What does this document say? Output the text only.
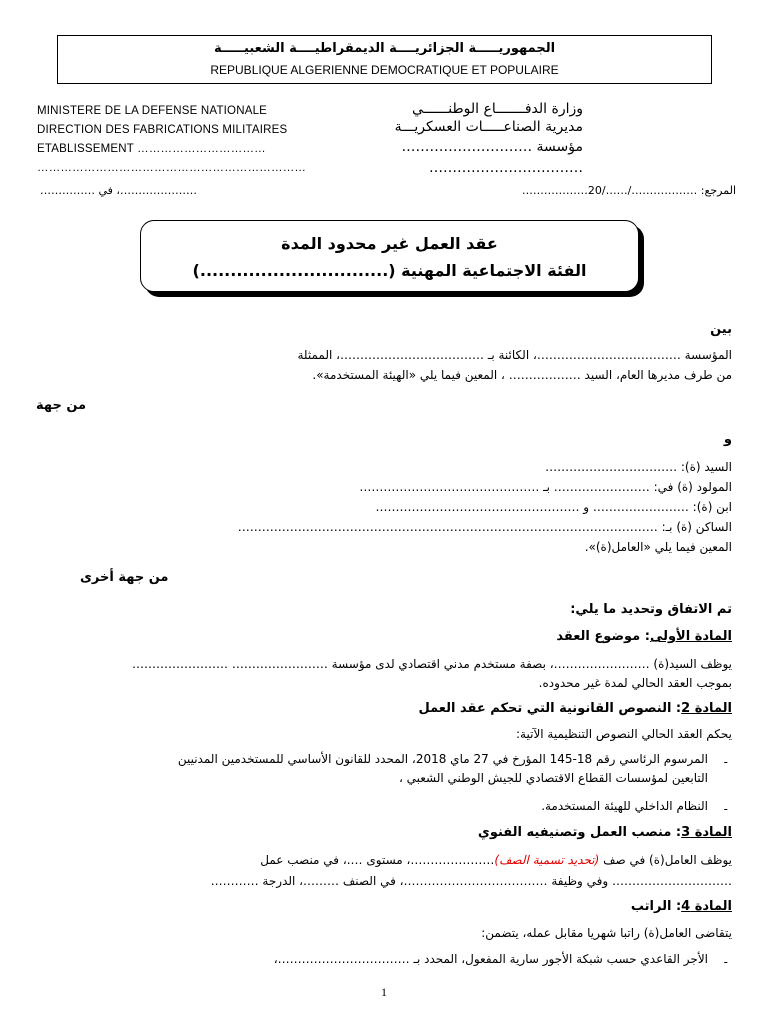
الجمهوريـــــة الجزائريــــة الديمقراطيــــة الشعبيـــــة
REPUBLIQUE ALGERIENNE DEMOCRATIQUE ET POPULAIRE
MINISTERE DE LA DEFENSE NATIONALE
DIRECTION DES FABRICATIONS MILITAIRES
ETABLISSEMENT ……………………………
……………………………………………………………
…………………، في ……………
وزارة الدفـــــــاع الوطنــــــي
مديرية الصناعـــــات العسكريـــة
مؤسسة ……………………….
……………………………
المرجع: ………………/……/20………………
عقد العمل غير محدود المدة
الفئة الاجتماعية المهنية (...............................)
بين
المؤسسة ………………………………، الكائنة بـ ………………………………، الممثلة
من طرف مديرها العام، السيد ……………… ، المعين فيما يلي «الهيئة المستخدمة».
من جهة
و
السيد (ة): ……………………………
المولود (ة) في: …………………… بـ ………………………………………
ابن (ة): …………………… و ……………………………………………
الساكن (ة) بـ: ……………………………………………………………………………………………
المعين فيما يلي «العامل(ة)».
من جهة أخرى
تم الاتفاق وتحديد ما يلي:
المادة الأولى: موضوع العقد
يوظف السيد(ة) ……………………، بصفة مستخدم مدني اقتصادي لدى مؤسسة …………………… ……………………
بموجب العقد الحالي لمدة غير محدوده.
المادة 2: النصوص القانونية التي تحكم عقد العمل
يحكم العقد الحالي النصوص التنظيمية الآتية:
-
المرسوم الرئاسي رقم 18-145 المؤرخ في 27 ماي 2018، المحدد للقانون الأساسي للمستخدمين المدنيين
التابعين لمؤسسات القطاع الاقتصادي للجيش الوطني الشعبي ،
-
النظام الداخلي للهيئة المستخدمة.
المادة 3: منصب العمل وتصنيفيه الفنوي
يوظف العامل(ة) في صف (تحديد تسمية الصف)…………………، مستوى ….، في منصب عمل
………………………… وفي وظيفة ………………………………، في الصنف ………، الدرجة …………
المادة 4: الراتب
يتقاضى العامل(ة) راتبا شهريا مقابل عمله، يتضمن:
-
الأجر القاعدي حسب شبكة الأجور سارية المفعول، المحدد بـ ……………………………،
1
